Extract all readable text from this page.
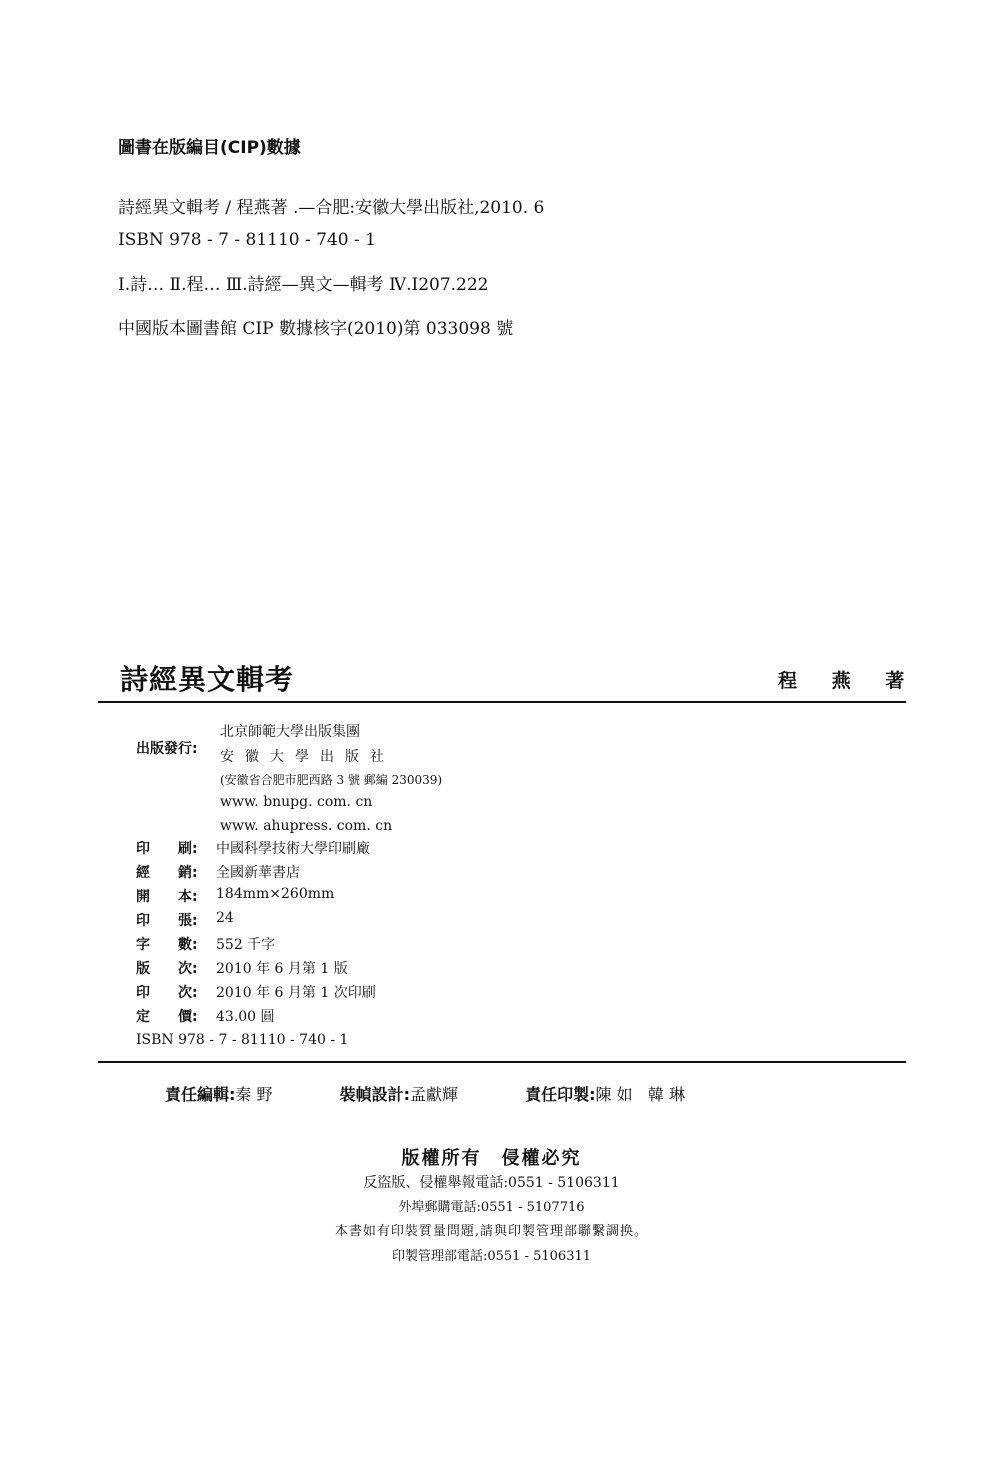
圖書在版編目(CIP)數據
詩經異文輯考 / 程燕著 .—合肥:安徽大學出版社,2010. 6
ISBN 978 - 7 - 81110 - 740 - 1
Ⅰ.詩… Ⅱ.程… Ⅲ.詩經—異文—輯考 Ⅳ.I207.222
中國版本圖書館 CIP 數據核字(2010)第 033098 號
詩經異文輯考	程 燕 著
出版發行:
北京師範大學出版集團
安徽大學出版社
(安徽省合肥市肥西路 3 號 郵編 230039)
www. bnupg. com. cn
www. ahupress. com. cn
印　　刷:	中國科學技術大學印刷廠
經　　銷:	全國新華書店
開　　本:	184mm×260mm
印　　張:	24
字　　數:	552 千字
版　　次:	2010 年 6 月第 1 版
印　　次:	2010 年 6 月第 1 次印刷
定　　價:	43.00 圓
ISBN 978 - 7 - 81110 - 740 - 1
責任編輯:秦 野	裝幀設計:孟獻輝	責任印製:陳 如   韓 琳
版權所有　侵權必究
反盜版、侵權舉報電話:0551 - 5106311
外埠郵購電話:0551 - 5107716
本書如有印裝質量問題,請與印製管理部聯繫調换。
印製管理部電話:0551 - 5106311
